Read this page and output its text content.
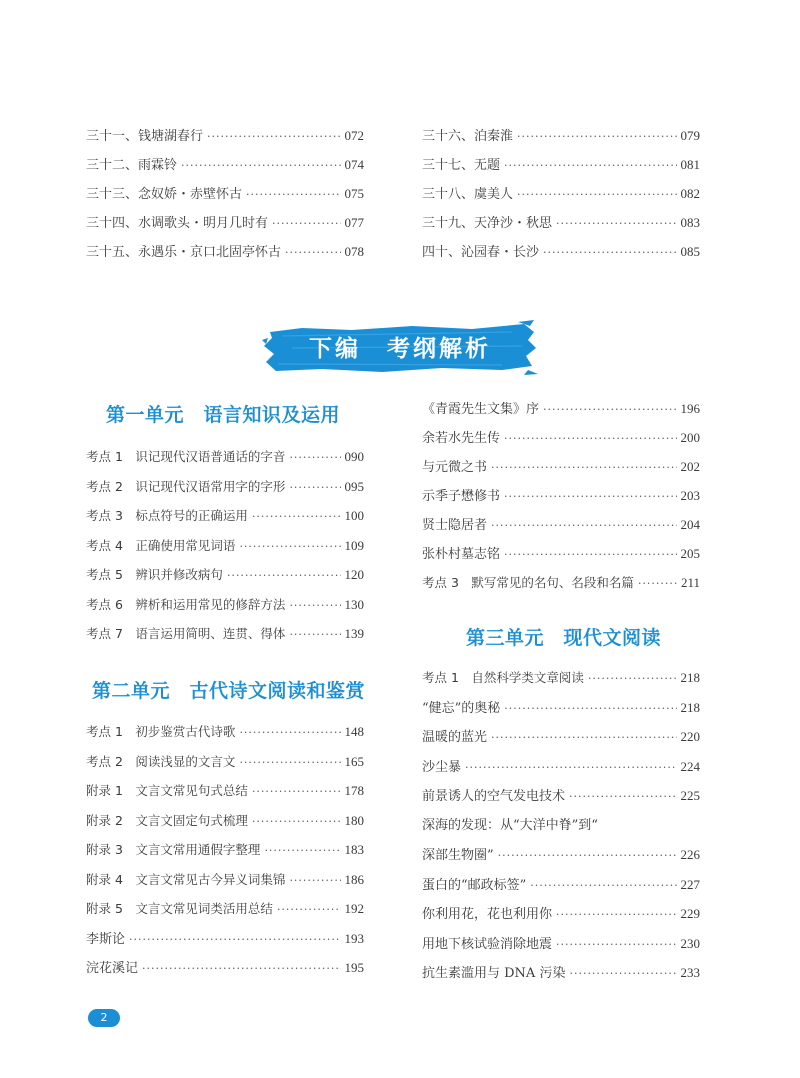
三十一、钱塘湖春行 ·····	072
三十二、雨霖铃 ·····	074
三十三、念奴娇・赤壁怀古 ·····	075
三十四、水调歌头・明月几时有 ·····	077
三十五、永遇乐・京口北固亭怀古 ·····	078
三十六、泊秦淮 ·····	079
三十七、无题 ·····	081
三十八、虞美人 ·····	082
三十九、天净沙・秋思 ·····	083
四十、沁园春・长沙 ·····	085
下编　考纲解析
第一单元　语言知识及运用
考点 1　识记现代汉语普通话的字音 ·····	090
考点 2　识记现代汉语常用字的字形 ·····	095
考点 3　标点符号的正确运用 ·····	100
考点 4　正确使用常见词语 ·····	109
考点 5　辨识并修改病句 ·····	120
考点 6　辨析和运用常见的修辞方法 ·····	130
考点 7　语言运用简明、连贯、得体 ·····	139
第二单元　古代诗文阅读和鉴赏
考点 1　初步鉴赏古代诗歌 ·····	148
考点 2　阅读浅显的文言文 ·····	165
附录 1　文言文常见句式总结 ·····	178
附录 2　文言文固定句式梳理 ·····	180
附录 3　文言文常用通假字整理 ·····	183
附录 4　文言文常见古今异义词集锦 ·····	186
附录 5　文言文常见词类活用总结 ·····	192
李斯论 ·····	193
浣花溪记 ·····	195
《青霞先生文集》序 ·····	196
余若水先生传 ·····	200
与元微之书 ·····	202
示季子懋修书 ·····	203
贤士隐居者 ·····	204
张朴村墓志铭 ·····	205
考点 3　默写常见的名句、名段和名篇 ·····	211
第三单元　现代文阅读
考点 1　自然科学类文章阅读 ·····	218
“健忘”的奥秘 ·····	218
温暖的蓝光 ·····	220
沙尘暴 ·····	224
前景诱人的空气发电技术 ·····	225
深海的发现：从“大洋中脊”到“
深部生物圈” ·····	226
蛋白的“邮政标签” ·····	227
你利用花，花也利用你 ·····	229
用地下核试验消除地震 ·····	230
抗生素滥用与 DNA 污染 ·····	233
2
